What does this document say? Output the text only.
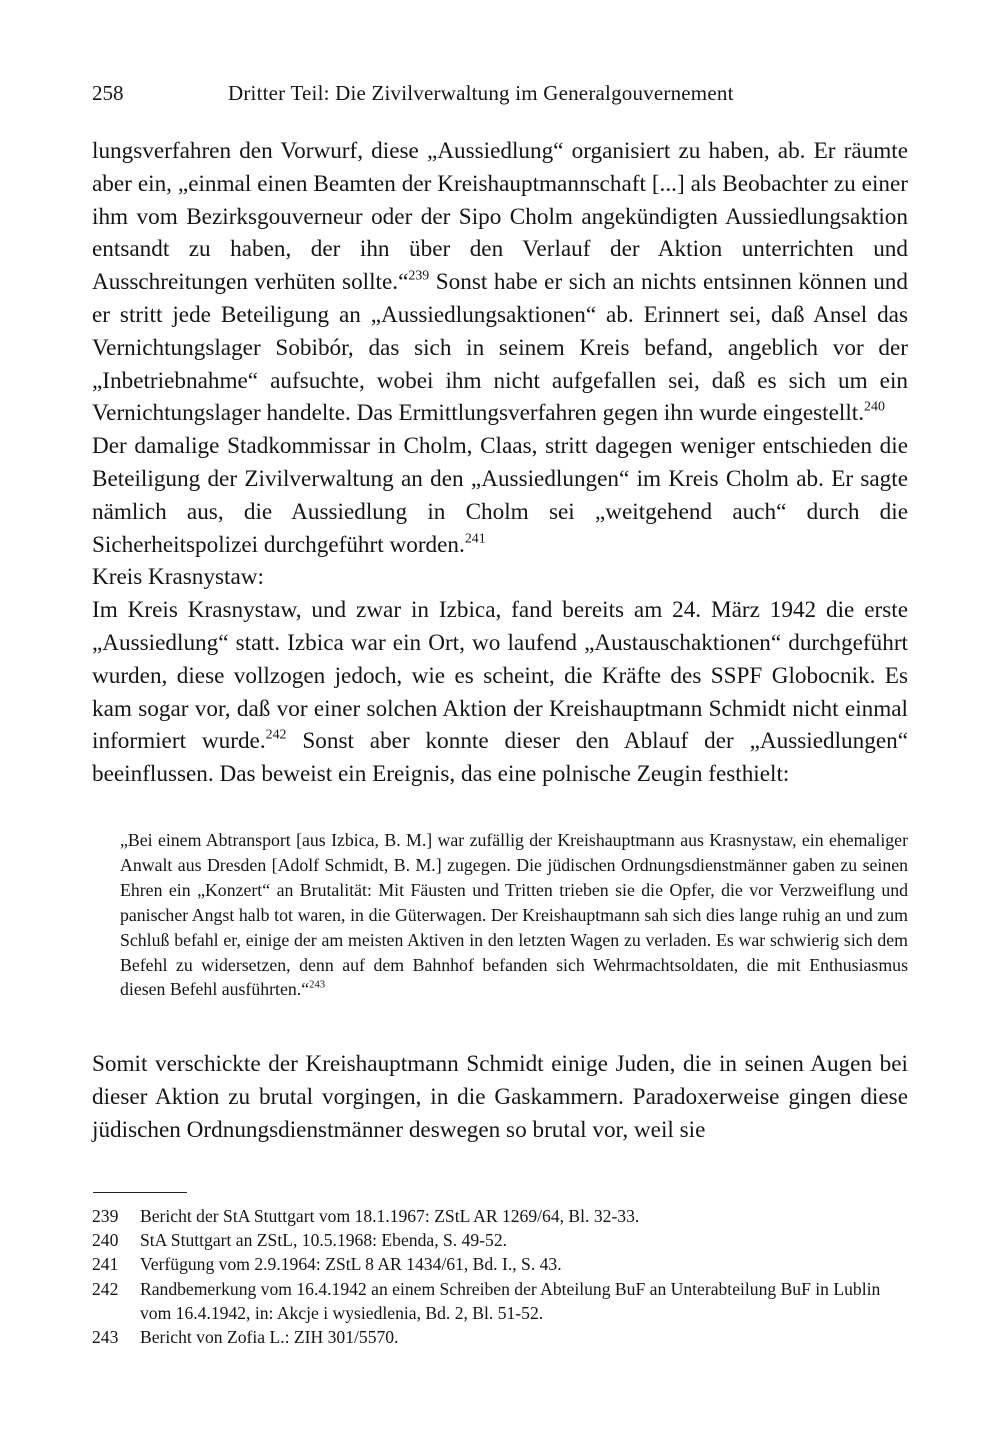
258	Dritter Teil: Die Zivilverwaltung im Generalgouvernement

lungsverfahren den Vorwurf, diese „Aussiedlung“ organisiert zu haben, ab. Er räumte aber ein, „einmal einen Beamten der Kreishauptmannschaft [...] als Beobachter zu einer ihm vom Bezirksgouverneur oder der Sipo Cholm angekündigten Aussiedlungsaktion entsandt zu haben, der ihn über den Verlauf der Aktion unterrichten und Ausschreitungen verhüten sollte.“$^{239}$ Sonst habe er sich an nichts entsinnen können und er stritt jede Beteiligung an „Aussiedlungsaktionen“ ab. Erinnert sei, daß Ansel das Vernichtungslager Sobibór, das sich in seinem Kreis befand, angeblich vor der „Inbetriebnahme“ aufsuchte, wobei ihm nicht aufgefallen sei, daß es sich um ein Vernichtungslager handelte. Das Ermittlungsverfahren gegen ihn wurde eingestellt.$^{240}$

Der damalige Stadkommissar in Cholm, Claas, stritt dagegen weniger entschieden die Beteiligung der Zivilverwaltung an den „Aussiedlungen“ im Kreis Cholm ab. Er sagte nämlich aus, die Aussiedlung in Cholm sei „weitgehend auch“ durch die Sicherheitspolizei durchgeführt worden.$^{241}$

Kreis Krasnystaw:

Im Kreis Krasnystaw, und zwar in Izbica, fand bereits am 24. März 1942 die erste „Aussiedlung“ statt. Izbica war ein Ort, wo laufend „Austauschaktionen“ durchgeführt wurden, diese vollzogen jedoch, wie es scheint, die Kräfte des SSPF Globocnik. Es kam sogar vor, daß vor einer solchen Aktion der Kreishauptmann Schmidt nicht einmal informiert wurde.$^{242}$ Sonst aber konnte dieser den Ablauf der „Aussiedlungen“ beeinflussen. Das beweist ein Ereignis, das eine polnische Zeugin festhielt:

„Bei einem Abtransport [aus Izbica, B. M.] war zufällig der Kreishauptmann aus Krasnystaw, ein ehemaliger Anwalt aus Dresden [Adolf Schmidt, B. M.] zugegen. Die jüdischen Ordnungsdienstmänner gaben zu seinen Ehren ein „Konzert“ an Brutalität: Mit Fäusten und Tritten trieben sie die Opfer, die vor Verzweiflung und panischer Angst halb tot waren, in die Güterwagen. Der Kreishauptmann sah sich dies lange ruhig an und zum Schluß befahl er, einige der am meisten Aktiven in den letzten Wagen zu verladen. Es war schwierig sich dem Befehl zu widersetzen, denn auf dem Bahnhof befanden sich Wehrmachtsoldaten, die mit Enthusiasmus diesen Befehl ausführten.“$^{243}$
Somit verschickte der Kreishauptmann Schmidt einige Juden, die in seinen Augen bei dieser Aktion zu brutal vorgingen, in die Gaskammern. Paradoxerweise gingen diese jüdischen Ordnungsdienstmänner deswegen so brutal vor, weil sie
239 Bericht der StA Stuttgart vom 18.1.1967: ZStL AR 1269/64, Bl. 32-33.
240 StA Stuttgart an ZStL, 10.5.1968: Ebenda, S. 49-52.
241 Verfügung vom 2.9.1964: ZStL 8 AR 1434/61, Bd. I., S. 43.
242 Randbemerkung vom 16.4.1942 an einem Schreiben der Abteilung BuF an Unterabteilung BuF in Lublin vom 16.4.1942, in: Akcje i wysiedlenia, Bd. 2, Bl. 51-52.
243 Bericht von Zofia L.: ZIH 301/5570.
